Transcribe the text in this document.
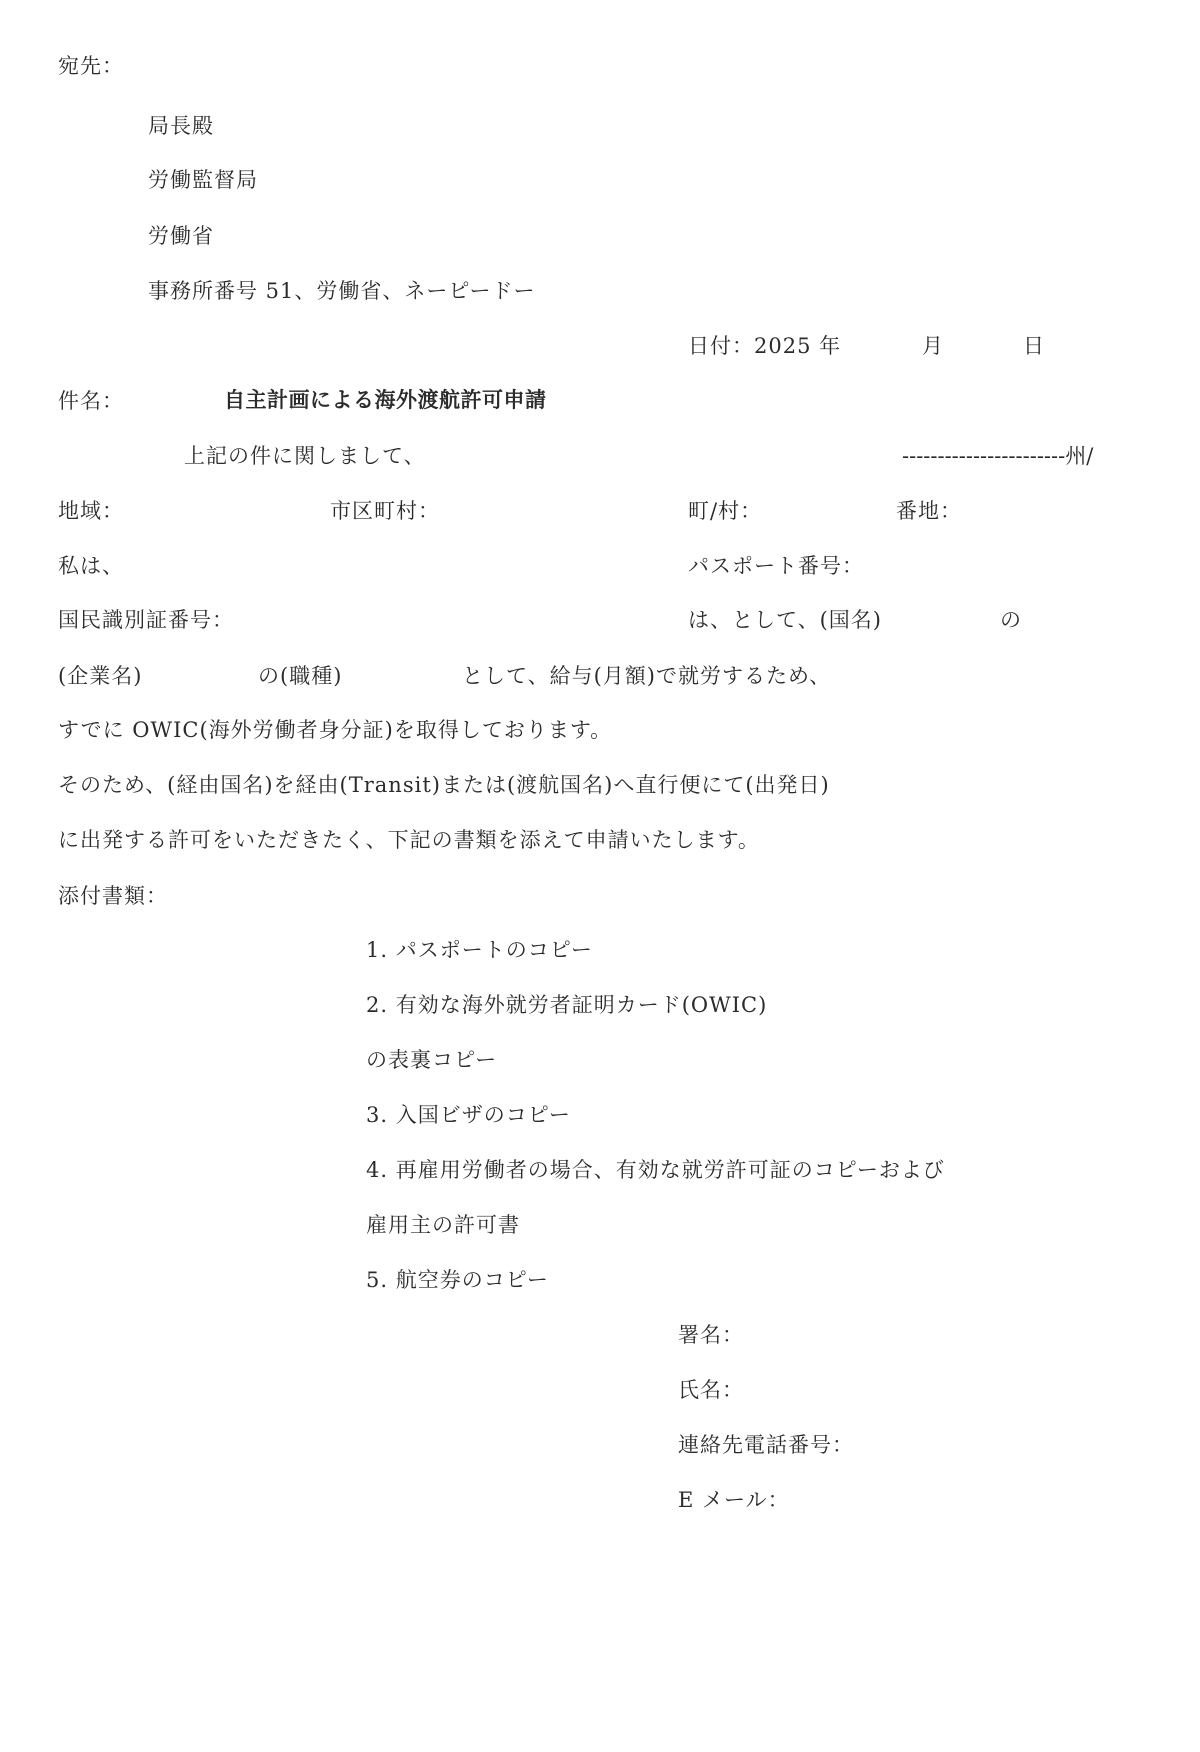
宛先：
局長殿
労働監督局
労働省
事務所番号 51、労働省、ネーピードー
日付：2025 年	月	日
件名：	自主計画による海外渡航許可申請
上記の件に関しまして、	-----------------------州/
地域：	市区町村：	町/村：	番地：
私は、	パスポート番号：
国民識別証番号：	は、として、(国名)	の
(企業名)	の(職種)	として、給与(月額)で就労するため、
すでに OWIC(海外労働者身分証)を取得しております。
そのため、(経由国名)を経由(Transit)または(渡航国名)へ直行便にて(出発日)
に出発する許可をいただきたく、下記の書類を添えて申請いたします。
添付書類：
1. パスポートのコピー
2. 有効な海外就労者証明カード(OWIC)
の表裏コピー
3. 入国ビザのコピー
4. 再雇用労働者の場合、有効な就労許可証のコピーおよび
雇用主の許可書
5. 航空券のコピー
署名：
氏名：
連絡先電話番号：
E メール：
